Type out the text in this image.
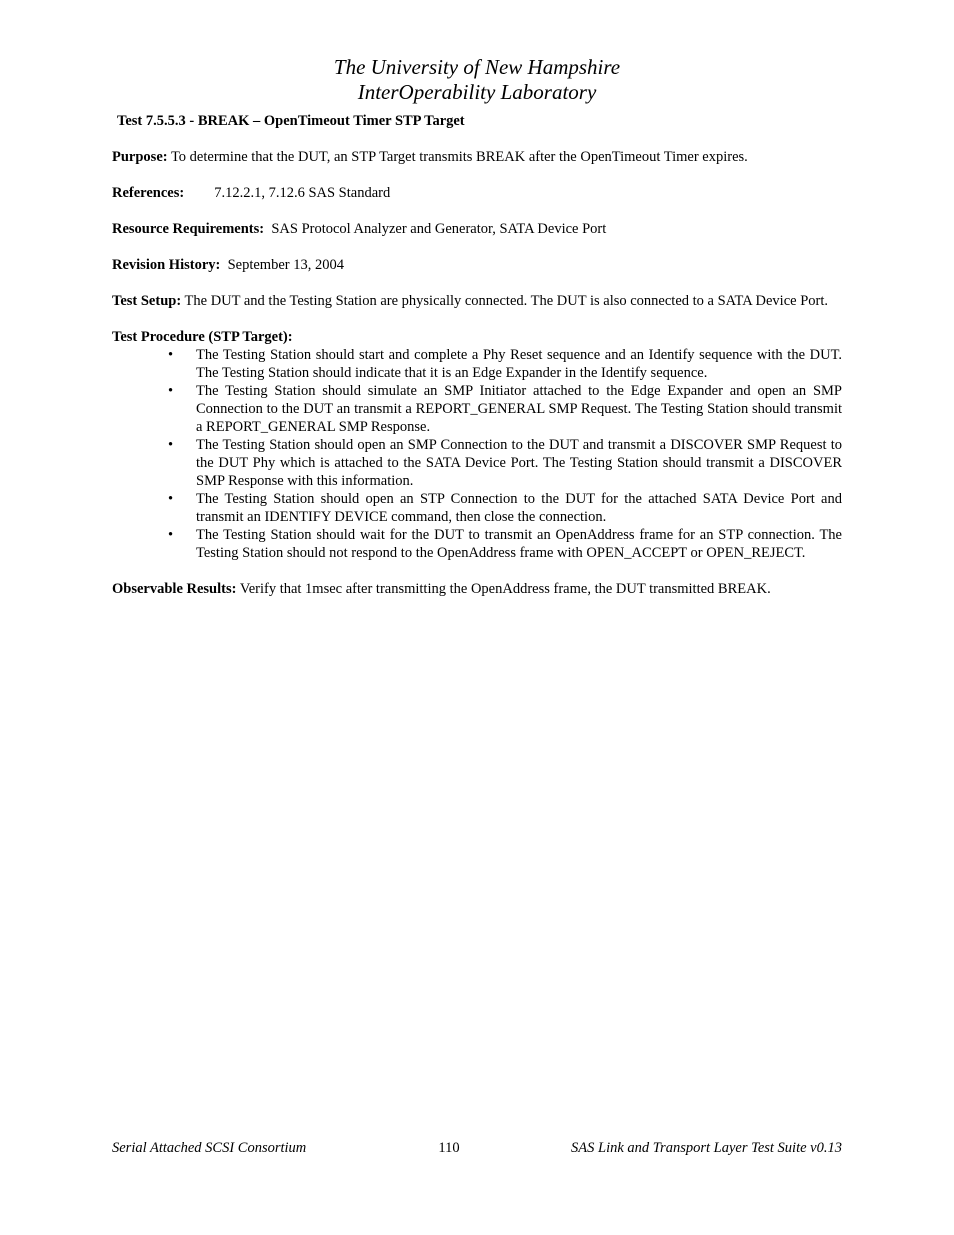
The University of New Hampshire
InterOperability Laboratory
Test 7.5.5.3 - BREAK – OpenTimeout Timer STP Target
Purpose: To determine that the DUT, an STP Target transmits BREAK after the OpenTimeout Timer expires.
References: 7.12.2.1, 7.12.6 SAS Standard
Resource Requirements:  SAS Protocol Analyzer and Generator, SATA Device Port
Revision History:  September 13, 2004
Test Setup: The DUT and the Testing Station are physically connected. The DUT is also connected to a SATA Device Port.
Test Procedure (STP Target):
• The Testing Station should start and complete a Phy Reset sequence and an Identify sequence with the DUT. The Testing Station should indicate that it is an Edge Expander in the Identify sequence.
• The Testing Station should simulate an SMP Initiator attached to the Edge Expander and open an SMP Connection to the DUT an transmit a REPORT_GENERAL SMP Request. The Testing Station should transmit a REPORT_GENERAL SMP Response.
• The Testing Station should open an SMP Connection to the DUT and transmit a DISCOVER SMP Request to the DUT Phy which is attached to the SATA Device Port. The Testing Station should transmit a DISCOVER SMP Response with this information.
• The Testing Station should open an STP Connection to the DUT for the attached SATA Device Port and transmit an IDENTIFY DEVICE command, then close the connection.
• The Testing Station should wait for the DUT to transmit an OpenAddress frame for an STP connection. The Testing Station should not respond to the OpenAddress frame with OPEN_ACCEPT or OPEN_REJECT.
Observable Results: Verify that 1msec after transmitting the OpenAddress frame, the DUT transmitted BREAK.
Serial Attached SCSI Consortium	110	SAS Link and Transport Layer Test Suite v0.13
